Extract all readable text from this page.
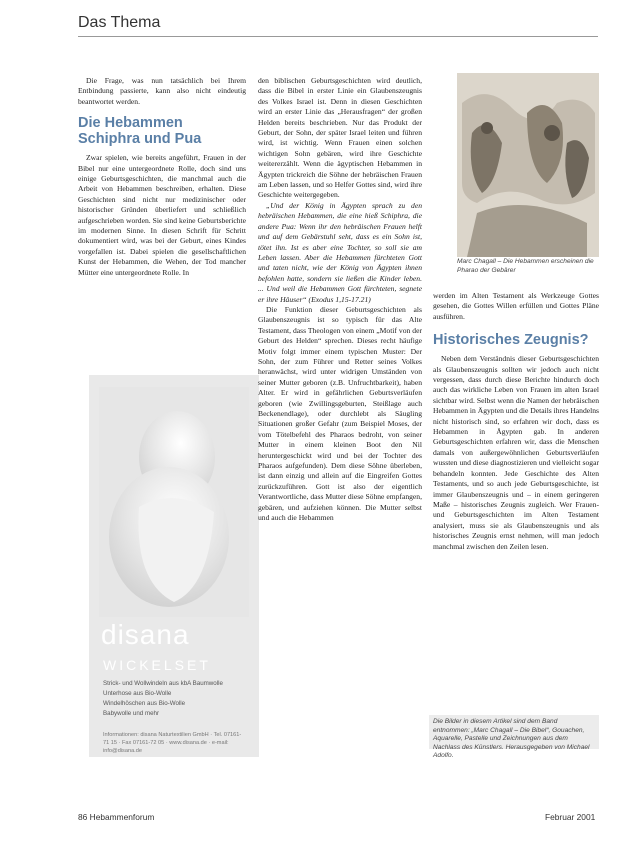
Das Thema

Die Frage, was nun tatsächlich bei Ihrem Entbindung passierte, kann also nicht eindeutig beantwortet werden.

Die Hebammen Schiphra und Pua

Zwar spielen, wie bereits angeführt, Frauen in der Bibel nur eine untergeordnete Rolle, doch sind uns einige Geburtsgeschichten, die manchmal auch die Arbeit von Hebammen beschreiben, erhalten. Diese Geschichten sind nicht nur medizinischer oder historischer Gründen überliefert und schließlich aufgeschrieben worden. Sie sind keine Geburtsberichte im modernen Sinne. In diesen Schrift für Schritt dokumentiert wird, was bei der Geburt, eines Kindes vorgefallen ist. Dabei spielen die gesellschaftlichen Kunst der Hebammen, die Wehen, der Tod mancher Mütter eine untergeordnete Rolle. In

disana
WICKELSET
Strick- und Wollwindeln aus kbA Baumwolle
Unterhose aus Bio-Wolle
Windelhöschen aus Bio-Wolle
Babywolle und mehr
Informationen: disana Naturtextilien GmbH · Tel. 07161-71 15 · Fax 07161-72 05 · www.disana.de · e-mail: info@disana.de

den biblischen Geburtsgeschichten wird deutlich, dass die Bibel in erster Linie ein Glaubenszeugnis des Volkes Israel ist. Denn in diesen Geschichten wird an erster Linie das „Herausfragen“ der großen Helden bereits beschrieben. Nur das Produkt der Geburt, der Sohn, der später Israel leiten und führen wird, ist wichtig. Wenn Frauen einen solchen wichtigen Sohn gebären, wird ihre Geschichte weitererzählt. Wenn die ägyptischen Hebammen in Ägypten trickreich die Söhne der hebräischen Frauen am Leben lassen, und so Helfer Gottes sind, wird ihre Geschichte weitergegeben.

„Und der König in Ägypten sprach zu den hebräischen Hebammen, die eine hieß Schiphra, die andere Pua: Wenn ihr den hebräischen Frauen helft und auf dem Gebärstuhl seht, dass es ein Sohn ist, tötet ihn. Ist es aber eine Tochter, so soll sie am Leben lassen. Aber die Hebammen fürchteten Gott und taten nicht, wie der König von Ägypten ihnen befohlen hatte, sondern sie ließen die Kinder leben. ... Und weil die Hebammen Gott fürchteten, segnete er ihre Häuser“ (Exodus 1,15-17.21)

Die Funktion dieser Geburtsgeschichten als Glaubenszeugnis ist so typisch für das Alte Testament, dass Theologen von einem „Motif von der Geburt des Helden“ sprechen. Dieses recht häufige Motiv folgt immer einem typischen Muster: Der Sohn, der zum Führer und Retter seines Volkes heranwächst, wird unter widrigen Umständen von seiner Mutter geboren (z.B. Unfruchtbarkeit), haben Alter. Er wird in gefährlichen Geburtsverläufen geboren (wie Zwillingsgeburten, Steißlage auch Beckenendlage), oder durchlebt als Säugling Situationen großer Gefahr (zum Beispiel Moses, der vom Tötelbefehl des Pharaos bedroht, von seiner Mutter in einem kleinen Boot den Nil heruntergeschickt wird und bei der Tochter des Pharaos aufgefunden). Dem diese Söhne überleben, ist dann einzig und allein auf die Eingreifen Gottes zurückzuführen. Gott ist also der eigentlich Verantwortliche, dass Mutter diese Söhne empfangen, gebären, und aufziehen können. Die Mutter selbst und auch die Hebammen

Marc Chagall – Die Hebammen erscheinen die Pharao der Gebärer

werden im Alten Testament als Werkzeuge Gottes gesehen, die Gottes Willen erfüllen und Gottes Pläne ausführen.

Historisches Zeugnis?

Neben dem Verständnis dieser Geburtsgeschichten als Glaubenszeugnis sollten wir jedoch auch nicht vergessen, dass durch diese Berichte hindurch doch auch das wirkliche Leben von Frauen im alten Israel sichtbar wird. Selbst wenn die Namen der hebräischen Hebammen in Ägypten und die Details ihres Handelns nicht historisch sind, so erfahren wir doch, dass es Hebammen in Ägypten gab. In anderen Geburtsgeschichten erfahren wir, dass die Menschen damals von außergewöhnlichen Geburtsverläufen wussten und diese diagnostizieren und vielleicht sogar behandeln konnten. Jede Geschichte des Alten Testaments, und so auch jede Geburtsgeschichte, ist immer Glaubenszeugnis und – in einem geringeren Maße – historisches Zeugnis zugleich. Wer Frauen- und Geburtsgeschichten im Alten Testament analysiert, muss sie als Glaubenszeugnis und als historisches Zeugnis ernst nehmen, will man jedoch manchmal zwischen den Zeilen lesen.

Die Bilder in diesem Artikel sind dem Band entnommen: „Marc Chagall – Die Bibel“, Gouachen, Aquarelle, Pastelle und Zeichnungen aus dem Nachlass des Künstlers. Herausgegeben von Michael Adolfo.
86 Hebammenforum	Februar 2001
